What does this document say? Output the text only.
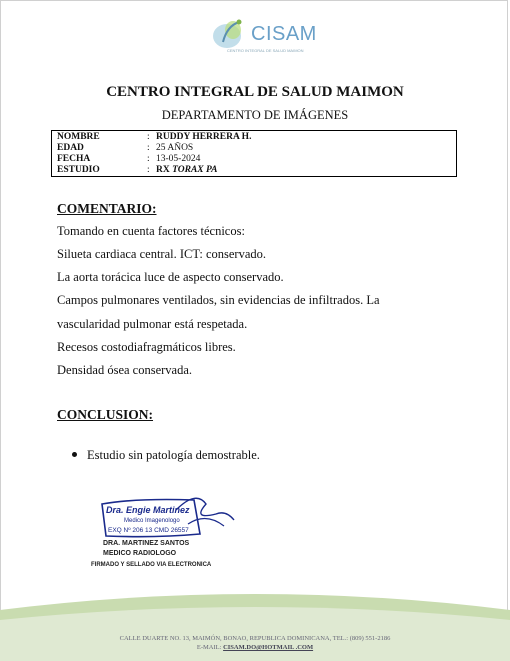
CISAM
CENTRO INTEGRAL DE SALUD MAIMON
CENTRO INTEGRAL DE SALUD MAIMON
DEPARTAMENTO DE IMÁGENES
NOMBRE	: RUDDY HERRERA H.
EDAD	: 25 AÑOS
FECHA	: 13-05-2024
ESTUDIO	: RX TORAX PA
COMENTARIO:
Tomando en cuenta factores técnicos:
Silueta cardiaca central. ICT: conservado.
La aorta torácica luce de aspecto conservado.
Campos pulmonares ventilados, sin evidencias de infiltrados. La
vascularidad pulmonar está respetada.
Recesos costodiafragmáticos libres.
Densidad ósea conservada.
CONCLUSION:
Estudio sin patología demostrable.
Dra. Engie Martinez
Medico Imagenologo
EXQ Nº 206 13 CMD 26557
DRA. MARTINEZ SANTOS
MEDICO RADIOLOGO
FIRMADO Y SELLADO VIA ELECTRONICA
CALLE DUARTE NO. 13, MAIMÓN, BONAO, REPUBLICA DOMINICANA, TEL.: (809) 551-2186
E-MAIL: CISAM.DO@HOTMAIL .COM
